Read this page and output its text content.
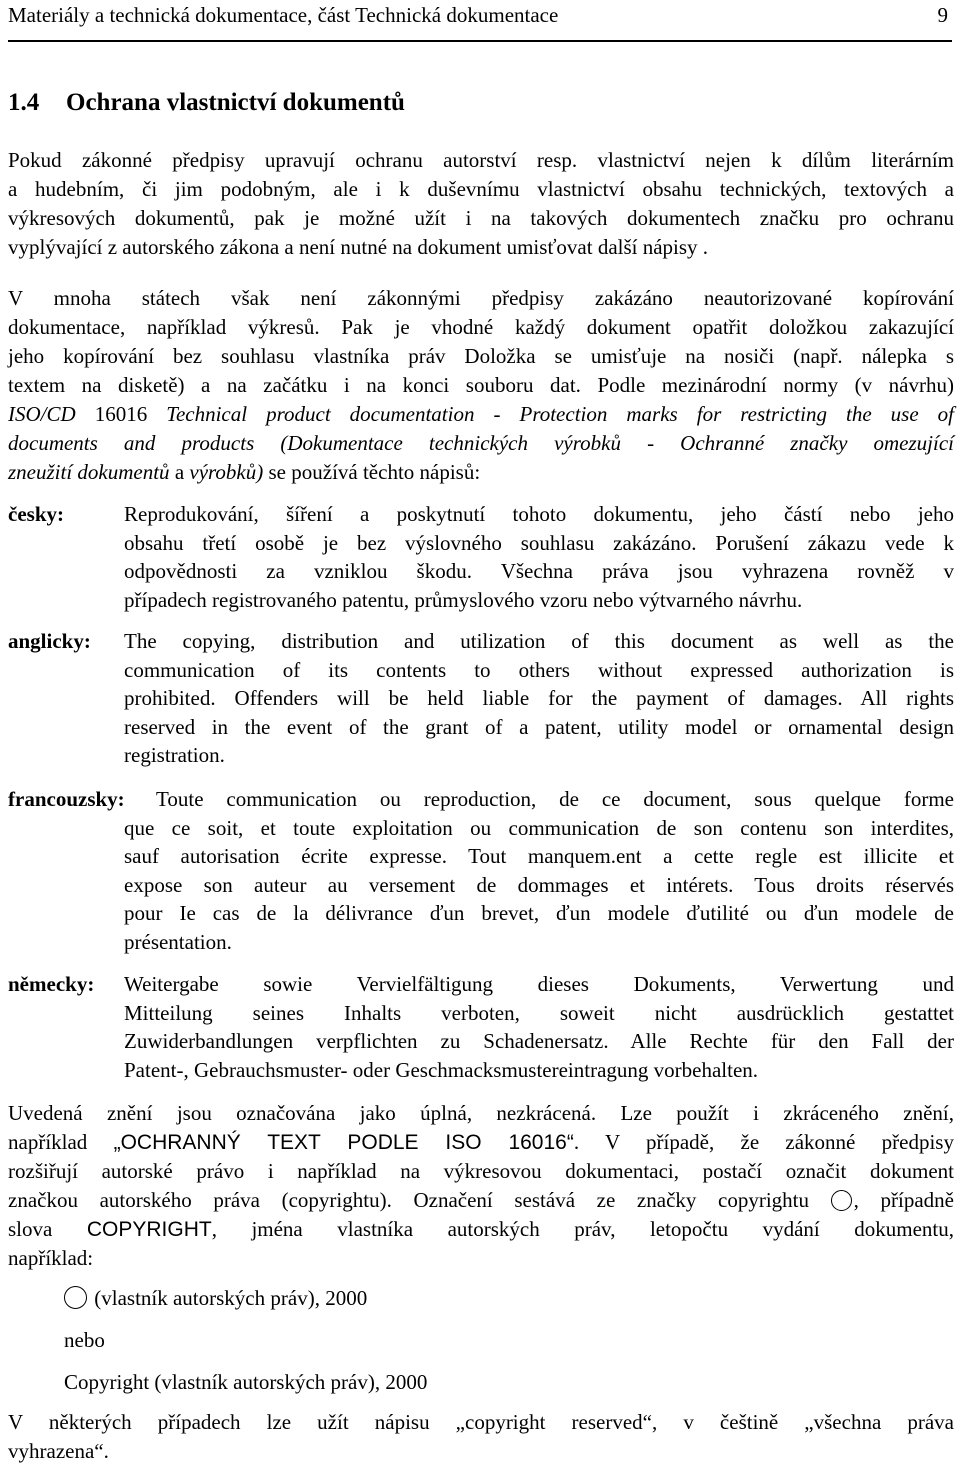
Materiály a technická dokumentace, část Technická dokumentace	9
1.4 Ochrana vlastnictví dokumentů
Pokud zákonné předpisy upravují ochranu autorství resp. vlastnictví nejen k dílům literárním
a hudebním, či jim podobným, ale i k duševnímu vlastnictví obsahu technických, textových a
výkresových dokumentů, pak je možné užít i na takových dokumentech značku pro ochranu
vyplývající z autorského zákona a není nutné na dokument umisťovat další nápisy .
V mnoha státech však není zákonnými předpisy zakázáno neautorizované kopírování
dokumentace, například výkresů. Pak je vhodné každý dokument opatřit doložkou zakazující
jeho kopírování bez souhlasu vlastníka práv Doložka se umisťuje na nosiči (např. nálepka s
textem na disketě) a na začátku i na konci souboru dat. Podle mezinárodní normy (v návrhu)
ISO/CD 16016 Technical product documentation - Protection marks for restricting the use of
documents and products (Dokumentace technických výrobků - Ochranné značky omezující
zneužití dokumentů a výrobků) se používá těchto nápisů:
česky:	Reprodukování, šíření a poskytnutí tohoto dokumentu, jeho částí nebo jeho
obsahu třetí osobě je bez výslovného souhlasu zakázáno. Porušení zákazu vede k
odpovědnosti za vzniklou škodu. Všechna práva jsou vyhrazena rovněž v
případech registrovaného patentu, průmyslového vzoru nebo výtvarného návrhu.
anglicky: The copying, distribution and utilization of this document as well as the
communication of its contents to others without expressed authorization is
prohibited. Offenders will be held liable for the payment of damages. All rights
reserved in the event of the grant of a patent, utility model or ornamental design
registration.
francouzsky:	Toute communication ou reproduction, de ce document, sous quelque forme
que ce soit, et toute exploitation ou communication de son contenu son interdites,
sauf autorisation écrite expresse. Tout manquem.ent a cette regle est illicite et
expose son auteur au versement de dommages et intérets. Tous droits réservés
pour Ie cas de la délivrance ďun brevet, ďun modele ďutilité ou ďun modele de
présentation.
německy: Weitergabe sowie Vervielfältigung dieses Dokuments, Verwertung und
Mitteilung seines Inhalts verboten, soweit nicht ausdrücklich gestattet
Zuwiderbandlungen verpflichten zu Schadenersatz. Alle Rechte für den Fall der
Patent-, Gebrauchsmuster- oder Geschmacksmustereintragung vorbehalten.
Uvedená znění jsou označována jako úplná, nezkrácená. Lze použít i zkráceného znění,
například „OCHRANNÝ TEXT PODLE ISO 16016“. V případě, že zákonné předpisy
rozšiřují autorské právo i například na výkresovou dokumentaci, postačí označit dokument
značkou autorského práva (copyrightu). Označení sestává ze značky copyrightu , případně
slova COPYRIGHT, jména vlastníka autorských práv, letopočtu vydání dokumentu,
například:
(vlastník autorských práv), 2000
nebo
Copyright (vlastník autorských práv), 2000
V některých případech lze užít nápisu „copyright reserved“, v češtině „všechna práva
vyhrazena“.
